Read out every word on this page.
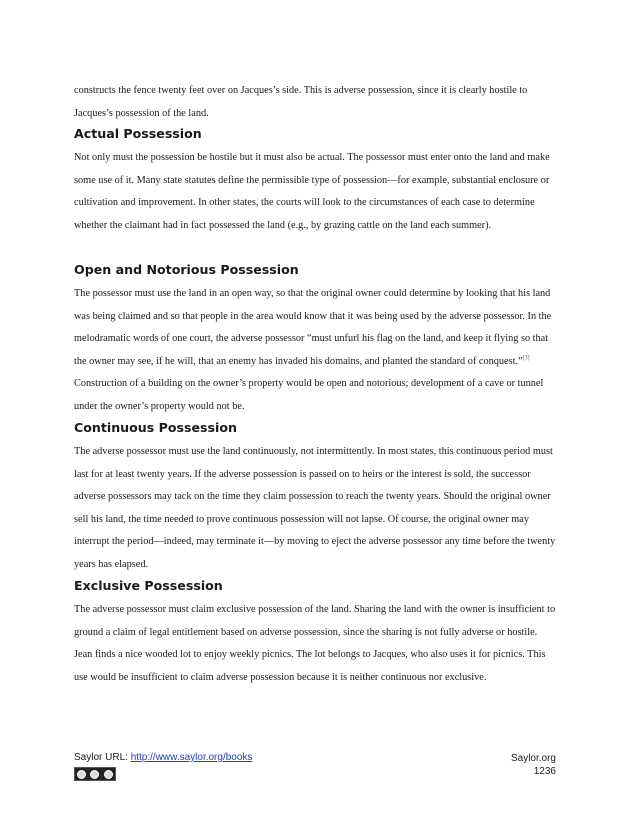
constructs the fence twenty feet over on Jacques’s side. This is adverse possession, since it is clearly hostile to Jacques’s possession of the land.

Actual Possession

Not only must the possession be hostile but it must also be actual. The possessor must enter onto the land and make some use of it. Many state statutes define the permissible type of possession—for example, substantial enclosure or cultivation and improvement. In other states, the courts will look to the circumstances of each case to determine whether the claimant had in fact possessed the land (e.g., by grazing cattle on the land each summer).

Open and Notorious Possession

The possessor must use the land in an open way, so that the original owner could determine by looking that his land was being claimed and so that people in the area would know that it was being used by the adverse possessor. In the melodramatic words of one court, the adverse possessor “must unfurl his flag on the land, and keep it flying so that the owner may see, if he will, that an enemy has invaded his domains, and planted the standard of conquest.”[3] Construction of a building on the owner’s property would be open and notorious; development of a cave or tunnel under the owner’s property would not be.

Continuous Possession

The adverse possessor must use the land continuously, not intermittently. In most states, this continuous period must last for at least twenty years. If the adverse possession is passed on to heirs or the interest is sold, the successor adverse possessors may tack on the time they claim possession to reach the twenty years. Should the original owner sell his land, the time needed to prove continuous possession will not lapse. Of course, the original owner may interrupt the period—indeed, may terminate it—by moving to eject the adverse possessor any time before the twenty years has elapsed.

Exclusive Possession

The adverse possessor must claim exclusive possession of the land. Sharing the land with the owner is insufficient to ground a claim of legal entitlement based on adverse possession, since the sharing is not fully adverse or hostile. Jean finds a nice wooded lot to enjoy weekly picnics. The lot belongs to Jacques, who also uses it for picnics. This use would be insufficient to claim adverse possession because it is neither continuous nor exclusive.

Saylor URL: http://www.saylor.org/books	Saylor.org
1236
